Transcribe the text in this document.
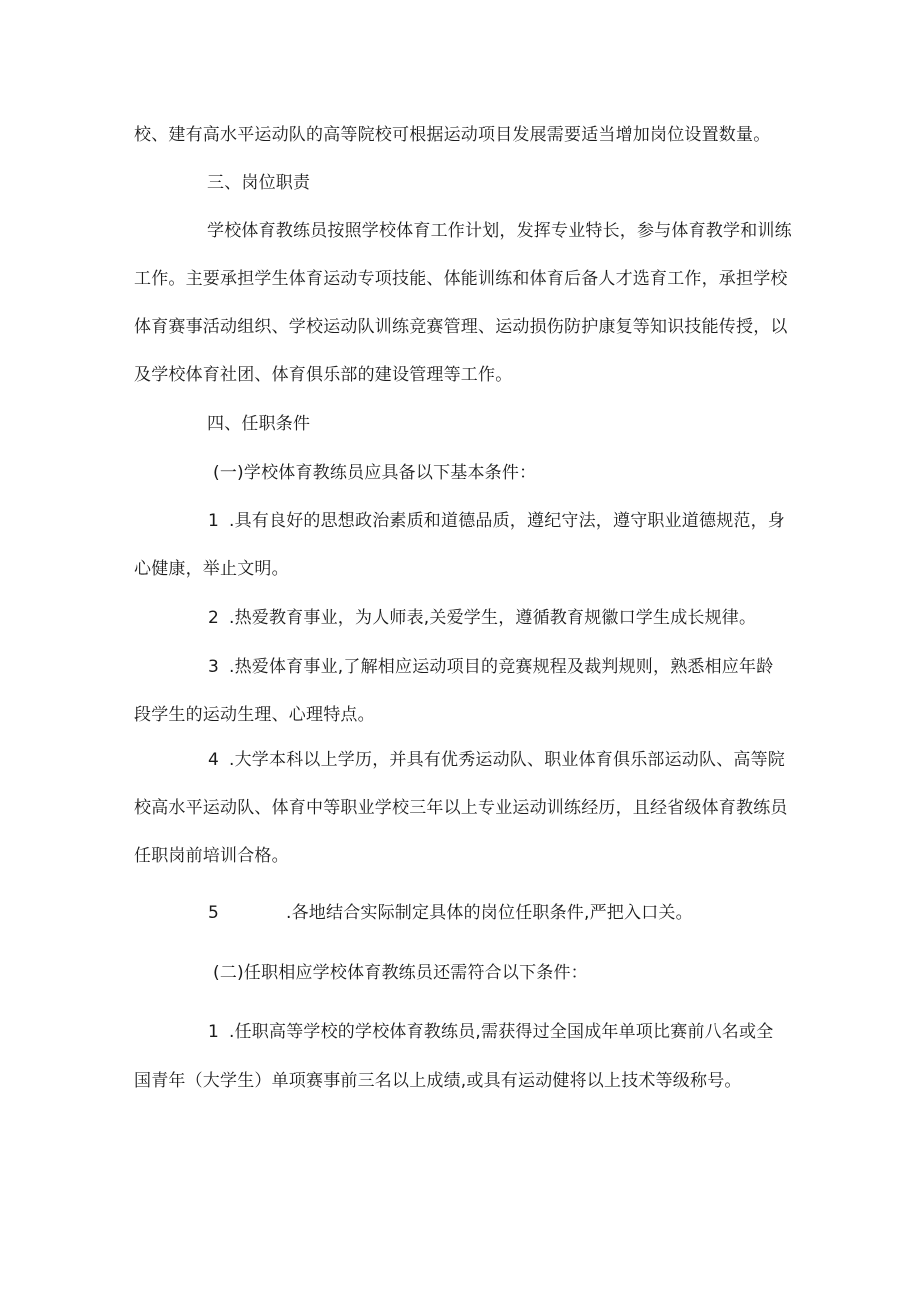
校、建有高水平运动队的高等院校可根据运动项目发展需要适当增加岗位设置数量。
三、岗位职责
学校体育教练员按照学校体育工作计划，发挥专业特长，参与体育教学和训练
工作。主要承担学生体育运动专项技能、体能训练和体育后备人才选育工作，承担学校
体育赛事活动组织、学校运动队训练竞赛管理、运动损伤防护康复等知识技能传授，以
及学校体育社团、体育俱乐部的建设管理等工作。
四、任职条件
(一)学校体育教练员应具备以下基本条件：
1 .具有良好的思想政治素质和道德品质，遵纪守法，遵守职业道德规范，身
心健康，举止文明。
2 .热爱教育事业，为人师表,关爱学生，遵循教育规徽口学生成长规律。
3 .热爱体育事业,了解相应运动项目的竞赛规程及裁判规则，熟悉相应年龄
段学生的运动生理、心理特点。
4 .大学本科以上学历，并具有优秀运动队、职业体育俱乐部运动队、高等院
校高水平运动队、体育中等职业学校三年以上专业运动训练经历，且经省级体育教练员
任职岗前培训合格。
5	.各地结合实际制定具体的岗位任职条件,严把入口关。
(二)任职相应学校体育教练员还需符合以下条件：
1 .任职高等学校的学校体育教练员,需获得过全国成年单项比赛前八名或全
国青年（大学生）单项赛事前三名以上成绩,或具有运动健将以上技术等级称号。
